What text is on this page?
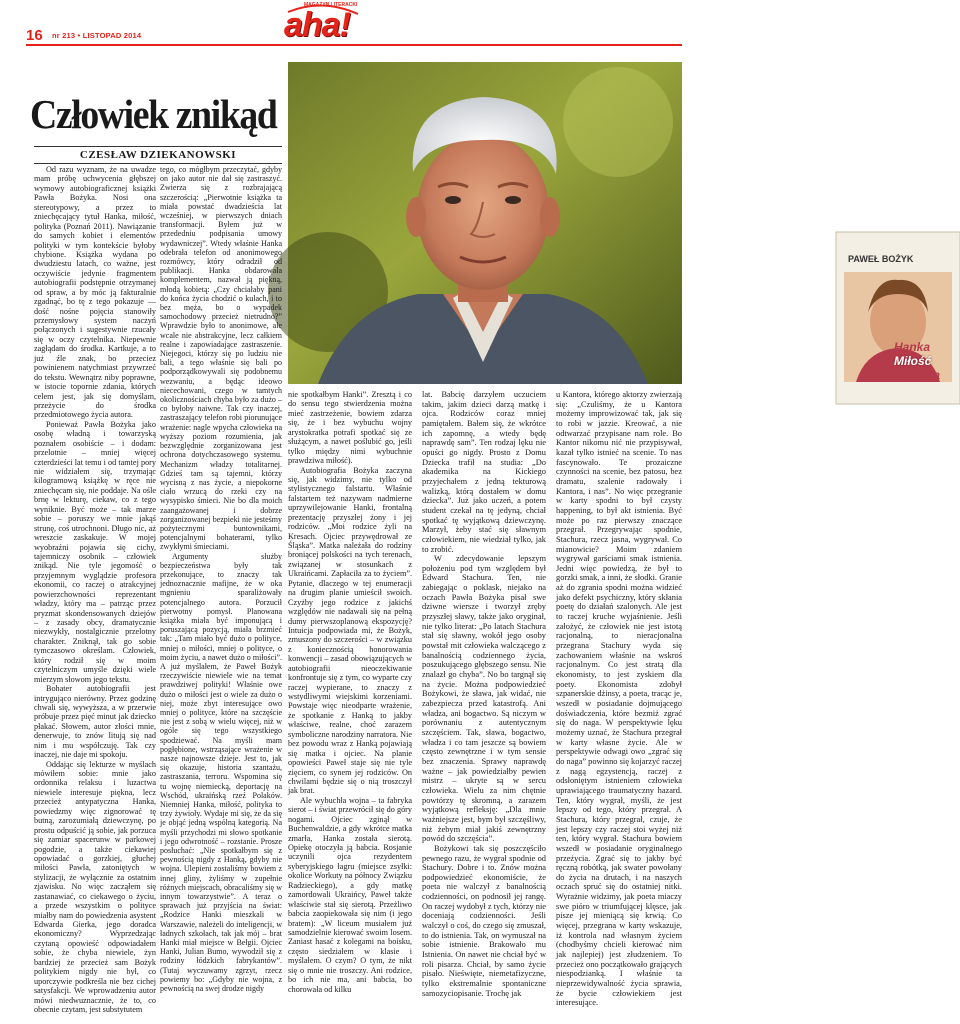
16 nr 213 • LISTOPAD 2014
MAGAZYN LITERACKI
aha!
Człowiek znikąd
CZESŁAW DZIEKANOWSKI
PAWEŁ BOŻYK
Hanka
Miłość
Polityka

Od razu wyznam, że na uwadze mam próbę uchwycenia głębszej wymowy autobiograficznej książki Pawła Bożyka. Nosi ona stereotypowy, a przez to zniechęcający tytuł Hanka, miłość, polityka (Poznań 2011). Nawiązanie do samych kobiet i elementów polityki w tym kontekście byłoby chybione. Książka wydana po dwudziestu latach, co ważne, jest oczywiście jedynie fragmentem autobiografii podstępnie otrzymanej od spraw, a by móc ją fakturalnie zgadnąć, bo tę z tego pokazuje — dość nośne pojęcia stanowiły przemysłowy system naczyń połączonych i sugestywnie rzucały się w oczy czytelnika. Niepewnie zagłądam do środka. Kartkuje, a to już źle znak, bo przeciez powinienem natychmiast przywrzeć do tekstu. Wewnątrz niby poprawne, w istocie topornie zdania, których celem jest, jak się domyślam, przeżycie do środka przedmiotowego życia autora.

Ponieważ Pawła Bożyka jako osobę władną i towarzyską poznałem osobiście – i dodam: przelotnie – mniej więcej czterdzieści lat temu i od tamtej pory nie widziałem się, trzymając kilogramową książkę w ręce nie zniechęcam się, nie poddaje. Na ośle brnę w lekturę, ciekaw, co z tego wyniknie. Być może – tak marze sobie – poruszy we mnie jakąś strunę, coś utrochnoni. Długo nic, aż wreszcie zaskakuje. W mojej wyobraźni pojawia się cichy, tajemniczy osobnik – człowiek znikąd. Nie tyle jegomość o przyjemnym wyglądzie profesora ekonomii, co raczej o atrakcyjnej powierzchowności reprezentant władzy, który ma – patrząc przez pryzmat skondensowanych dziejów – z zasady obcy, dramatycznie niezwykły, nostalgicznie przelotny charakter. Zniknął, tak go sobie tymczasowo określam. Człowiek, który rodził się w moim czytelniczym umyśle dzięki wiele mierzym słowom jego tekstu.

Bohater autobiografii jest intrygująco nierówny. Przez godzinę chwali się, wywyższa, a w przerwie próbuje przez pięć minut jak dziecko płakać. Słowem, autor złości mnie, denerwuje, to znów litują się nad nim i mu współczuję. Tak czy inaczej, nie daje mi spokoju.

Oddając się lekturze w myślach mówiłem sobie: mnie jako ordonnika relaksu i luzactwa niewiele interesuje piękna, lecz przecież antypatyczna Hanka, powiedzmy więc zignorować tę butną, zarozumiałą dziewczynę, po prostu odpuścić ją sobie, jak porzuca się zamiar spacerunw w parkowej pogodzie, a także ciekawiej opowiadać o gorzkiej, głuchej miłości Pawła, zatoniętych w stylizacji, że wyłącznie za ostatnim zjawisku. No więc zacząłem się zastanawiać, co ciekawego o życiu, a przede wszystkim o polityce miałby nam do powiedzenia asystent Edwarda Gierka, jego doradca ekonomiczny? Wyprzedzając czytaną opowieść odpowiadałem sobie, że chyba niewiele, żyn bardziej że przecież sam Bożyk politykiem nigdy nie był, co uporczywie podkreśla nie bez cichej satysfakcji. We wprowadzeniu autor mówi niedwuznacznie, że to, co obecnie czytam, jest substytutem

tego, co mógłbym przeczytać, gdyby on jako autor nie dał się zastraszyć. Zwierza się z rozbrajającą szczerością: „Pierwotnie książka ta miała powstać dwadzieścia lat wcześniej, w pierwszych dniach transformacji. Byłem już w przededniu podpisania umowy wydawniczej”. Wtedy właśnie Hanka odebrała telefon od anonimowego rozmówcy, który odradził od publikacji. Hanka obdarowała komplementem, nazwał ją piękną, młodą kobietą: „Czy chciałaby pani do końca życia chodzić o kulach, i to bez męża, bo o wypadek samochodowy przecież nietrudno?” Wprawdzie było to anonimowe, ale wcale nie abstrakcyjne, lecz całkiem realne i zapowiadające zastraszenie. Niejegoci, którzy się po ludziu nie bali, a tego właśnie się bali po podporządkowywali się podobnemu wezwaniu, a będąc ideowo niecechowani, czego w tamtych okolicznościach chyba było za dużo – co byłoby naiwne. Tak czy inaczej, zastraszający telefon robi piorunujące wrażenie: nagle wpycha człowieka na wyższy poziom rozumienia, jak bezwzględnie zorganizowana jest ochrona dotychczasowego systemu. Mechanizm władzy totalitarnej. Gdzieś tam są tajemni, którzy wycisną z nas życie, a niepokorne ciało wrzucą do rzeki czy na wysypisko śmieci. Nie bo dla moich zaangażowanej i dobrze zorganizowanej bezpieki nie jesteśmy pożytecznymi buntownikami, potencjalnymi bohaterami, tylko zwykłymi śmieciami.

Argumenty służby bezpieczeństwa były tak przekonujące, to znaczy tak jednoznacznie mafijne, że w oka mgnieniu sparaliżowały potencjalnego autora. Porzucił pierwotny pomysł. Planowana książka miała być imponującą i poruszającą pozycją, miała brzmieć tak: „Tam miało być dużo o polityce, mniej o miłości, mniej o polityce, o moim życiu, a nawet dużo o miłości”. A już myślałem, że Paweł Bożyk rzeczywiście niewiele wie na temat prawdziwej polityki! Właśnie owe dużo o miłości jest o wiele za dużo o niej, może zbyt interesujące owo mniej o polityce, które na szczęście nie jest z sobą w wielu więcej, niż w ogóle się tego wszystkiego spodziewać. Na myśli mam pogłębione, wstrząsające wrażenie w nasze najnowsze dzieje. Jest to, jak się okazuje, historia szantażu, zastraszania, terroru. Wspomina się tu wojnę niemiecką, deportację na Wschód, ukraińską rzeź Polaków. Niemniej Hanka, miłość, polityka to trzy żywioły. Wydaje mi się, że da się je objąć jedną wspólną kategorią. Na myśli przychodzi mi słowo spotkanie i jego odwrotność – rozstanie. Prosze posłuchać: „Nie spotkałbym się z pewnością nigdy z Hanką, gdyby nie wojna. Ulepieni zostaliśmy bowiem z innej gliny, żyliśmy w zupełnie różnych miejscach, obracaliśmy się w innym towarzystwie”. A teraz o sprawach już przyjścia na świat: „Rodzice Hanki mieszkali w Warszawie, należeli do inteligencji, w ładnych szkołach, tak jak mój – brat Hanki miał miejsce w Bełgii. Ojciec Hanki, Julian Bumo, wywodził się z rodziny łódzkich fabrykantów”. (Tutaj wyczuwamy zgrzyt, rzecz powiemy bo: „Gdyby nie wojna, z pewnością na swej drodze nigdy

nie spotkałbym Hanki”. Zresztą i co do sensu tego stwierdzenia można mieć zastrzeżenie, bowiem zdarza się, że i bez wybuchu wojny arystokratka potrafi spotkać się ze służącym, a nawet poślubić go, jeśli tylko między nimi wybuchnie prawdziwa miłość).

Autobiografia Bożyka zaczyna się, jak widzimy, nie tylko od stylistycznego falstartu. Właśnie falstartem też nazywam nadmierne uprzywilejowanie Hanki, frontalną prezentację przyszłej żony i jej rodziców. „Moi rodzice żyli na Kresach. Ojciec przywędrował ze Śląska”. Matka należała do rodziny broniącej polskości na tych terenach, związanej w stosunkach z Ukraińcami. Zapłaciła za to życiem”. Pytanie, dlaczego w tej enumeracji na drugim planie umieścił swoich. Czyżby jego rodzice z jakichś względów nie nadawali się na pełną dumy pierwszoplanową ekspozycję? Intuicja podpowiada mi, że Bożyk, zmuszony do szczerości – w związku z koniecznością honorowania konwencji – zasad obowiązujących w autobiografii nieoczekiwanie konfrontuje się z tym, co wyparte czy raczej wypierane, to znaczy z wstydliwymi wiejskimi korzeniami. Powstaje więc nieodparte wrażenie, że spotkanie z Hanką to jakby właściwe, realne, choć zarazem symboliczne narodziny narratora. Nie bez powodu wraz z Hanką pojawiają się matka i ojciec. Na planie opowieści Paweł staje się nie tyle zięciem, co synem jej rodziców. On chwilami będzie się o nią troszczył jak brat.

Ale wybuchła wojna – ta fabryka sierot – i świat przewrócił się do góry nogami. Ojciec zginął w Buchenwaldzie, a gdy wkrótce matka zmarła, Hanka została sierotą. Opiekę otoczyła ją babcia. Rosjanie uczynili ojca rezydentem syberyjskiego łagru (miejsce zsyłki: okolice Workuty na północy Związku Radzieckiego), a gdy matkę zamordowali Ukraińcy, Paweł także właściwie stał się sierotą. Przeżliwo babcia zaopiekowała się nim (i jego bratem): „W liceum musiałem już samodzielnie kierować swoim losem. Zaniast hasać z kolegami na boisku, często siedziałem w klasie i myślałem. O czym? O tym, że nikt się o mnie nie troszczy. Ani rodzice, bo ich nie ma, ani babcia, bo chorowała od kilku

lat. Babcię darzyłem uczuciem takim, jakim dzieci darzą matkę i ojca. Rodziców coraz mniej pamiętałem. Bałem się, że wkrótce ich zapomnę, a wtedy będę naprawdę sam”. Ten rodzaj lęku nie opuści go nigdy. Prosto z Domu Dziecka trafił na studia: „Do akademika na Kickiego przyjechałem z jedną tekturową walizką, którą dostałem w domu dziecka”. Już jako uczeń, a potem student czekał na tę jedyną, chciał spotkać tę wyjątkową dziewczynę. Marzył, żeby stać się sławnym człowiekiem, nie wiedział tylko, jak to zrobić.

W zdecydowanie lepszym położeniu pod tym względem był Edward Stachura. Ten, nie zabiegając o poklask, niejako na oczach Pawła Bożyka pisał swe dziwne wiersze i tworzył zręby przyszłej sławy, także jako oryginał, nie tylko literat: „Po latach Stachura stał się sławny, wokół jego osoby powstał mit człowieka walczącego z banalnością codziennego życia, poszukującego głębszego sensu. Nie znalazł go chyba”. No bo targnął się na życie. Można podpowiedzieć Bożykowi, że sława, jak widać, nie zabezpiecza przed katastrofą. Ani władza, ani bogactwo. Są niczym w porównaniu z autentycznym szczęściem. Tak, sława, bogactwo, władza i co tam jeszcze są bowiem często zewnętrzne i w tym sensie bez znaczenia. Sprawy naprawdę ważne – jak powiedziałby pewien mistrz – ukryte są w sercu człowieka. Wielu za nim chętnie powtórzy tę skromną, a zarazem wyjątkową refleksję: „Dla mnie ważniejsze jest, bym był szczęśliwy, niż żebym miał jakiś zewnętrzny powód do szczęścia”.

Bożykowi tak się poszczęściło pewnego razu, że wygrał spodnie od Stachury. Dobre i to. Znów można podpowiedzieć ekonomiście, że poeta nie walczył z banalnością codzienności, on podnosił jej rangę. On raczej wydobył z tych, którzy nie doceniają codzienności. Jeśli walczył o coś, do czego się zmuszał, to do istnienia. Tak, on wymuszał na sobie istnienie. Brakowało mu Istnienia. On nawet nie chciał być w roli pisarza. Chciał, by samo życie pisało. Nieświęte, niemetafizyczne, tylko ekstremalnie spontaniczne samozyciopisanie. Trochę jak

u Kantora, którego aktorzy zwierzają się: „Czuliśmy, że u Kantora możemy improwizować tak, jak się to robi w jazzie. Kreować, a nie odtwarzać przypisane nam role. Bo Kantor nikomu nić nie przypisywał, kazał tylko istnieć na scenie. To nas fascynowało. Te prozaiczne czynności na scenie, bez patosu, bez dramatu, szalenie radowały i Kantora, i nas”. No więc przegranie w karty spodni to był czysty happening, to był akt istnienia. Być może po raz pierwszy znaczące przegrał. Przegrywając spodnie, Stachura, rzecz jasna, wygrywał. Co mianowicie? Moim zdaniem wygrywał garściami smak istnienia. Jedni więc powiedzą, że był to gorzki smak, a inni, że słodki. Granie aż do zgrania spodni można widzieć jako defekt psychiczny, który skłania poetę do działań szalonych. Ale jest to raczej kruche wyjaśnienie. Jeśli założyć, że człowiek nie jest istotą racjonalną, to nieracjonalna przegrana Stachury wyda się zachowaniem właśnie na wskroś racjonalnym. Co jest stratą dla ekonomisty, to jest zyskiem dla poety. Ekonomista zdobył szpanerskie dżinsy, a poeta, tracąc je, wszedł w posiadanie dojmującego doświadczenia, które bezmiż zgrać się do naga. W perspektywie lęku możemy uznać, że Stachura przegrał w karty własne życie. Ale w perspektywie odwagi owo „zgrać się do naga” powinno się kojarzyć raczej z nagą egzystencją, raczej z odsłoniętym istnieniem człowieka uprawiającego traumatyczny hazard. Ten, który wygrał, myśli, że jest lepszy od tego, który przegrał. A Stachura, który przegrał, czuje, że jest lepszy czy raczej stoi wyżej niż ten, który wygrał. Stachura bowiem wszedł w posiadanie oryginalnego przeżycia. Zgrać się to jakby być ręczną robótką, jak swater powołany do życia na drutach, i na naszych oczach spruć się do ostatniej nitki. Wyrażnie widzimy, jak poeta miaczy swe pióro w triumfującej klęsce, jak pisze jej mieniącą się krwią. Co więcej, przegrana w karty wskazuje, iż kontrola nad własnym życiem (chodbyśmy chcieli kierować nim jak najlepiej) jest złudzeniem. To przecież ono początkowało grających niespodzianką. I właśnie ta nieprzewidywalność życia sprawia, że bycie człowiekiem jest interesujące.
